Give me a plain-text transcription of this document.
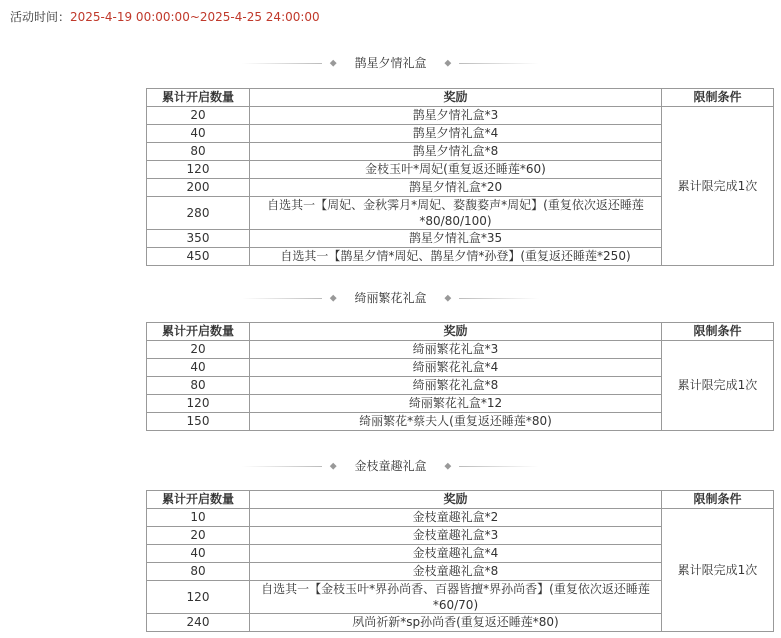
活动时间：2025-4-19 00:00:00~2025-4-25 24:00:00
◆ 鹊星夕情礼盒 ◆
累计开启数量	奖励	限制条件
20	鹊星夕情礼盒*3	累计限完成1次
40	鹊星夕情礼盒*4	
80	鹊星夕情礼盒*8	
120	金枝玉叶*周妃(重复返还睡莲*60)	
200	鹊星夕情礼盒*20	
280	自选其一【周妃、金秋霁月*周妃、婺馥婺声*周妃】(重复依次返还睡莲*80/80/100)	
350	鹊星夕情礼盒*35	
450	自选其一【鹊星夕情*周妃、鹊星夕情*孙登】(重复返还睡莲*250)	
◆ 绮丽繁花礼盒 ◆
累计开启数量	奖励	限制条件
20	绮丽繁花礼盒*3	累计限完成1次
40	绮丽繁花礼盒*4	
80	绮丽繁花礼盒*8	
120	绮丽繁花礼盒*12	
150	绮丽繁花*蔡夫人(重复返还睡莲*80)	
◆ 金枝童趣礼盒 ◆
累计开启数量	奖励	限制条件
10	金枝童趣礼盒*2	累计限完成1次
20	金枝童趣礼盒*3	
40	金枝童趣礼盒*4	
80	金枝童趣礼盒*8	
120	自选其一【金枝玉叶*界孙尚香、百器皆擅*界孙尚香】(重复依次返还睡莲*60/70)	
240	夙尚祈新*sp孙尚香(重复返还睡莲*80)	
